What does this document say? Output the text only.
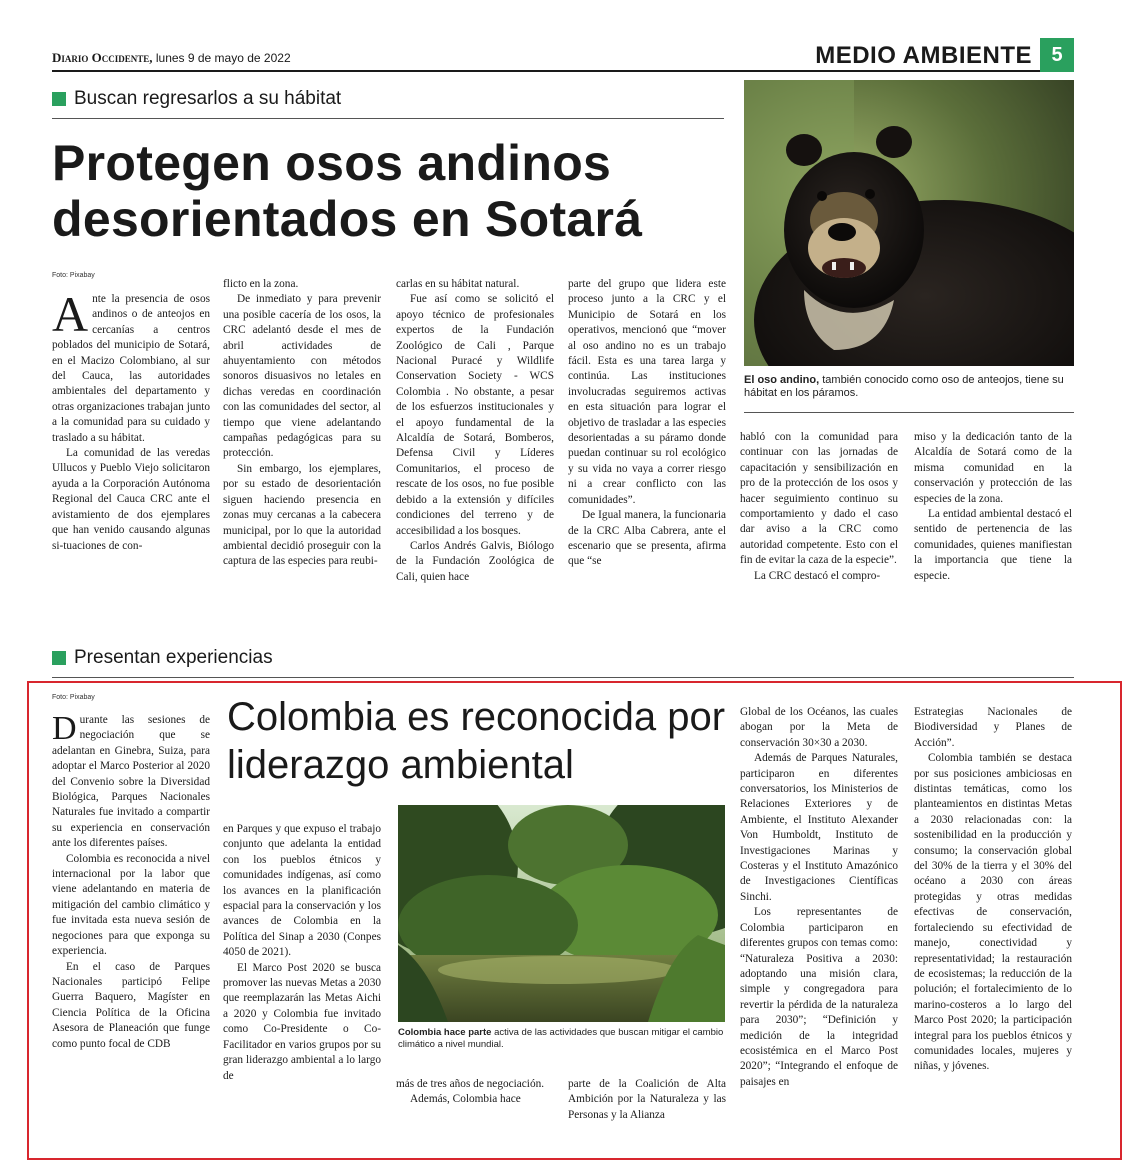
Diario Occidente, lunes 9 de mayo de 2022	MEDIO AMBIENTE 5
Buscan regresarlos a su hábitat
Protegen osos andinos desorientados en Sotará
Foto: Pixabay

Ante la presencia de osos andinos o de anteojos en cercanías a centros poblados del municipio de Sotará, en el Macizo Colombiano, al sur del Cauca, las autoridades ambientales del departamento y otras organizaciones trabajan junto a la comunidad para su cuidado y traslado a su hábitat.

La comunidad de las veredas Ullucos y Pueblo Viejo solicitaron ayuda a la Corporación Autónoma Regional del Cauca CRC ante el avistamiento de dos ejemplares que han venido causando algunas si-tuaciones de con-

flicto en la zona.

De inmediato y para prevenir una posible cacería de los osos, la CRC adelantó desde el mes de abril actividades de ahuyentamiento con métodos sonoros disuasivos no letales en dichas veredas en coordinación con las comunidades del sector, al tiempo que viene adelantando campañas pedagógicas para su protección.

Sin embargo, los ejemplares, por su estado de desorientación siguen haciendo presencia en zonas muy cercanas a la cabecera municipal, por lo que la autoridad ambiental decidió proseguir con la captura de las especies para reubi-

carlas en su hábitat natural.

Fue así como se solicitó el apoyo técnico de profesionales expertos de la Fundación Zoológico de Cali , Parque Nacional Puracé y Wildlife Conservation Society - WCS Colombia . No obstante, a pesar de los esfuerzos institucionales y el apoyo fundamental de la Alcaldía de Sotará, Bomberos, Defensa Civil y Líderes Comunitarios, el proceso de rescate de los osos, no fue posible debido a la extensión y difíciles condiciones del terreno y de accesibilidad a los bosques.

Carlos Andrés Galvis, Biólogo de la Fundación Zoológica de Cali, quien hace

parte del grupo que lidera este proceso junto a la CRC y el Municipio de Sotará en los operativos, mencionó que “mover al oso andino no es un trabajo fácil. Esta es una tarea larga y continúa. Las instituciones involucradas seguiremos activas en esta situación para lograr el objetivo de trasladar a las especies desorientadas a su páramo donde puedan continuar su rol ecológico y su vida no vaya a correr riesgo ni a crear conflicto con las comunidades”.

De Igual manera, la funcionaria de la CRC Alba Cabrera, ante el escenario que se presenta, afirma que “se

El oso andino, también conocido como oso de anteojos, tiene su hábitat en los páramos.

habló con la comunidad para continuar con las jornadas de capacitación y sensibilización en pro de la protección de los osos y hacer seguimiento continuo su comportamiento y dado el caso dar aviso a la CRC como autoridad competente. Esto con el fin de evitar la caza de la especie”.

La CRC destacó el compro-

miso y la dedicación tanto de la Alcaldía de Sotará como de la misma comunidad en la conservación y protección de las especies de la zona.

La entidad ambiental destacó el sentido de pertenencia de las comunidades, quienes manifiestan la importancia que tiene la especie.

Presentan experiencias
Foto: Pixabay	Colombia es reconocida por liderazgo ambiental

Durante las sesiones de negociación que se adelantan en Ginebra, Suiza, para adoptar el Marco Posterior al 2020 del Convenio sobre la Diversidad Biológica, Parques Nacionales Naturales fue invitado a compartir su experiencia en conservación ante los diferentes países.

Colombia es reconocida a nivel internacional por la labor que viene adelantando en materia de mitigación del cambio climático y fue invitada esta nueva sesión de negociones para que exponga su experiencia.

En el caso de Parques Nacionales participó Felipe Guerra Baquero, Magíster en Ciencia Política de la Oficina Asesora de Planeación que funge como punto focal de CDB

en Parques y que expuso el trabajo conjunto que adelanta la entidad con los pueblos étnicos y comunidades indígenas, así como los avances en la planificación espacial para la conservación y los avances de Colombia en la Política del Sinap a 2030 (Conpes 4050 de 2021).

El Marco Post 2020 se busca promover las nuevas Metas a 2030 que reemplazarán las Metas Aichi a 2020 y Colombia fue invitado como Co-Presidente o Co-Facilitador en varios grupos por su gran liderazgo ambiental a lo largo de

Colombia hace parte activa de las actividades que buscan mitigar el cambio climático a nivel mundial.

más de tres años de negociación.

Además, Colombia hace

parte de la Coalición de Alta Ambición por la Naturaleza y las Personas y la Alianza

Global de los Océanos, las cuales abogan por la Meta de conservación 30×30 a 2030.

Además de Parques Naturales, participaron en diferentes conversatorios, los Ministerios de Relaciones Exteriores y de Ambiente, el Instituto Alexander Von Humboldt, Instituto de Investigaciones Marinas y Costeras y el Instituto Amazónico de Investigaciones Científicas Sinchi.

Los representantes de Colombia participaron en diferentes grupos con temas como: “Naturaleza Positiva a 2030: adoptando una misión clara, simple y congregadora para revertir la pérdida de la naturaleza para 2030”; “Definición y medición de la integridad ecosistémica en el Marco Post 2020”; “Integrando el enfoque de paisajes en

Estrategias Nacionales de Biodiversidad y Planes de Acción”.

Colombia también se destaca por sus posiciones ambiciosas en distintas temáticas, como los planteamientos en distintas Metas a 2030 relacionadas con: la sostenibilidad en la producción y consumo; la conservación global del 30% de la tierra y el 30% del océano a 2030 con áreas protegidas y otras medidas efectivas de conservación, fortaleciendo su efectividad de manejo, conectividad y representatividad; la restauración de ecosistemas; la reducción de la polución; el fortalecimiento de lo marino-costeros a lo largo del Marco Post 2020; la participación integral para los pueblos étnicos y comunidades locales, mujeres y niñas, y jóvenes.
